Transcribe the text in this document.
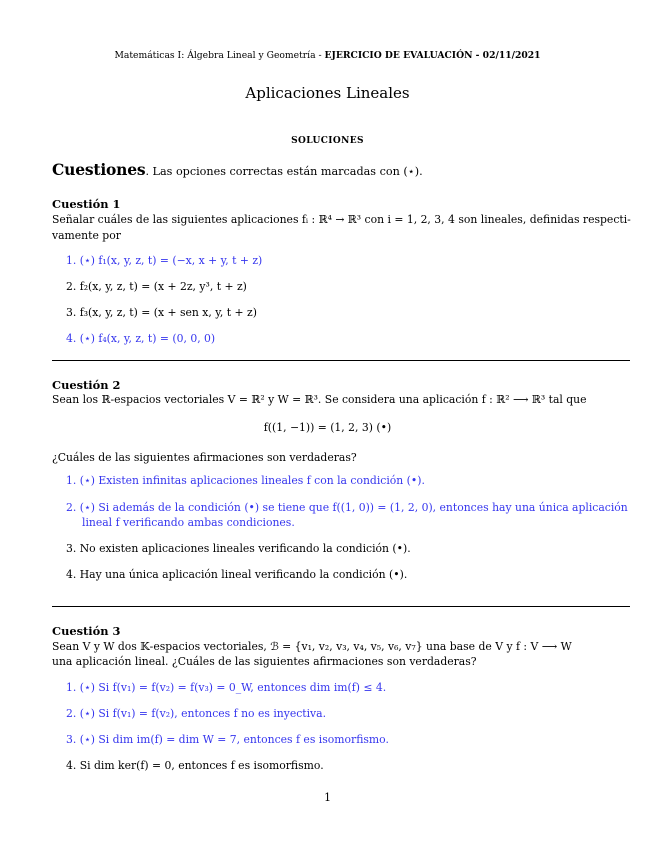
Matemáticas I: Álgebra Lineal y Geometría - EJERCICIO DE EVALUACIÓN - 02/11/2021
Aplicaciones Lineales
SOLUCIONES
Cuestiones. Las opciones correctas están marcadas con (⋆).
Cuestión 1
Señalar cuáles de las siguientes aplicaciones fᵢ : ℝ⁴ → ℝ³ con i = 1, 2, 3, 4 son lineales, definidas respecti-
vamente por
1. (⋆) f₁(x, y, z, t) = (−x, x + y, t + z)
2. f₂(x, y, z, t) = (x + 2z, y³, t + z)
3. f₃(x, y, z, t) = (x + sen x, y, t + z)
4. (⋆) f₄(x, y, z, t) = (0, 0, 0)
Cuestión 2
Sean los ℝ-espacios vectoriales V = ℝ² y W = ℝ³. Se considera una aplicación f : ℝ² ⟶ ℝ³ tal que
f((1, −1)) = (1, 2, 3) (•)
¿Cuáles de las siguientes afirmaciones son verdaderas?
1. (⋆) Existen infinitas aplicaciones lineales f con la condición (•).
2. (⋆) Si además de la condición (•) se tiene que f((1, 0)) = (1, 2, 0), entonces hay una única aplicación lineal f verificando ambas condiciones.
3. No existen aplicaciones lineales verificando la condición (•).
4. Hay una única aplicación lineal verificando la condición (•).
Cuestión 3
Sean V y W dos 𝕂-espacios vectoriales, ℬ = {v₁, v₂, v₃, v₄, v₅, v₆, v₇} una base de V y f : V ⟶ W
una aplicación lineal. ¿Cuáles de las siguientes afirmaciones son verdaderas?
1. (⋆) Si f(v₁) = f(v₂) = f(v₃) = 0_W, entonces dim im(f) ≤ 4.
2. (⋆) Si f(v₁) = f(v₂), entonces f no es inyectiva.
3. (⋆) Si dim im(f) = dim W = 7, entonces f es isomorfismo.
4. Si dim ker(f) = 0, entonces f es isomorfismo.
1
